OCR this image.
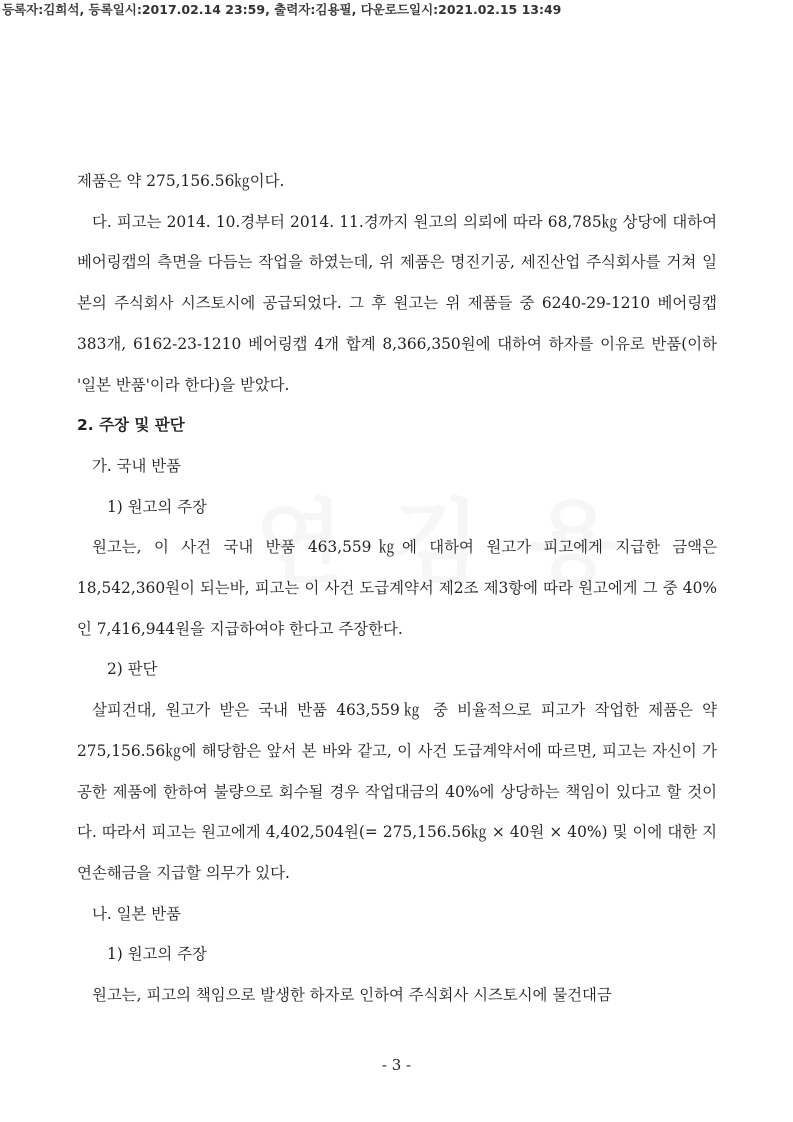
등록자:김희석, 등록일시:2017.02.14 23:59, 출력자:김용필, 다운로드일시:2021.02.15 13:49

제품은 약 275,156.56㎏이다.

다. 피고는 2014. 10.경부터 2014. 11.경까지 원고의 의뢰에 따라 68,785㎏ 상당에 대하여 베어링캡의 측면을 다듬는 작업을 하였는데, 위 제품은 명진기공, 세진산업 주식회사를 거쳐 일본의 주식회사 시즈토시에 공급되었다. 그 후 원고는 위 제품들 중 6240-29-1210 베어링캡 383개, 6162-23-1210 베어링캡 4개 합계 8,366,350원에 대하여 하자를 이유로 반품(이하 '일본 반품'이라 한다)을 받았다.

2. 주장 및 판단

가. 국내 반품

1) 원고의 주장

원고는, 이 사건 국내 반품 463,559㎏에 대하여 원고가 피고에게 지급한 금액은 18,542,360원이 되는바, 피고는 이 사건 도급계약서 제2조 제3항에 따라 원고에게 그 중 40%인 7,416,944원을 지급하여야 한다고 주장한다.

2) 판단

살피건대, 원고가 받은 국내 반품 463,559㎏ 중 비율적으로 피고가 작업한 제품은 약 275,156.56㎏에 해당함은 앞서 본 바와 같고, 이 사건 도급계약서에 따르면, 피고는 자신이 가공한 제품에 한하여 불량으로 회수될 경우 작업대금의 40%에 상당하는 책임이 있다고 할 것이다. 따라서 피고는 원고에게 4,402,504원(= 275,156.56㎏ × 40원 × 40%) 및 이에 대한 지연손해금을 지급할 의무가 있다.

나. 일본 반품

1) 원고의 주장

원고는, 피고의 책임으로 발생한 하자로 인하여 주식회사 시즈토시에 물건대금

- 3 -
